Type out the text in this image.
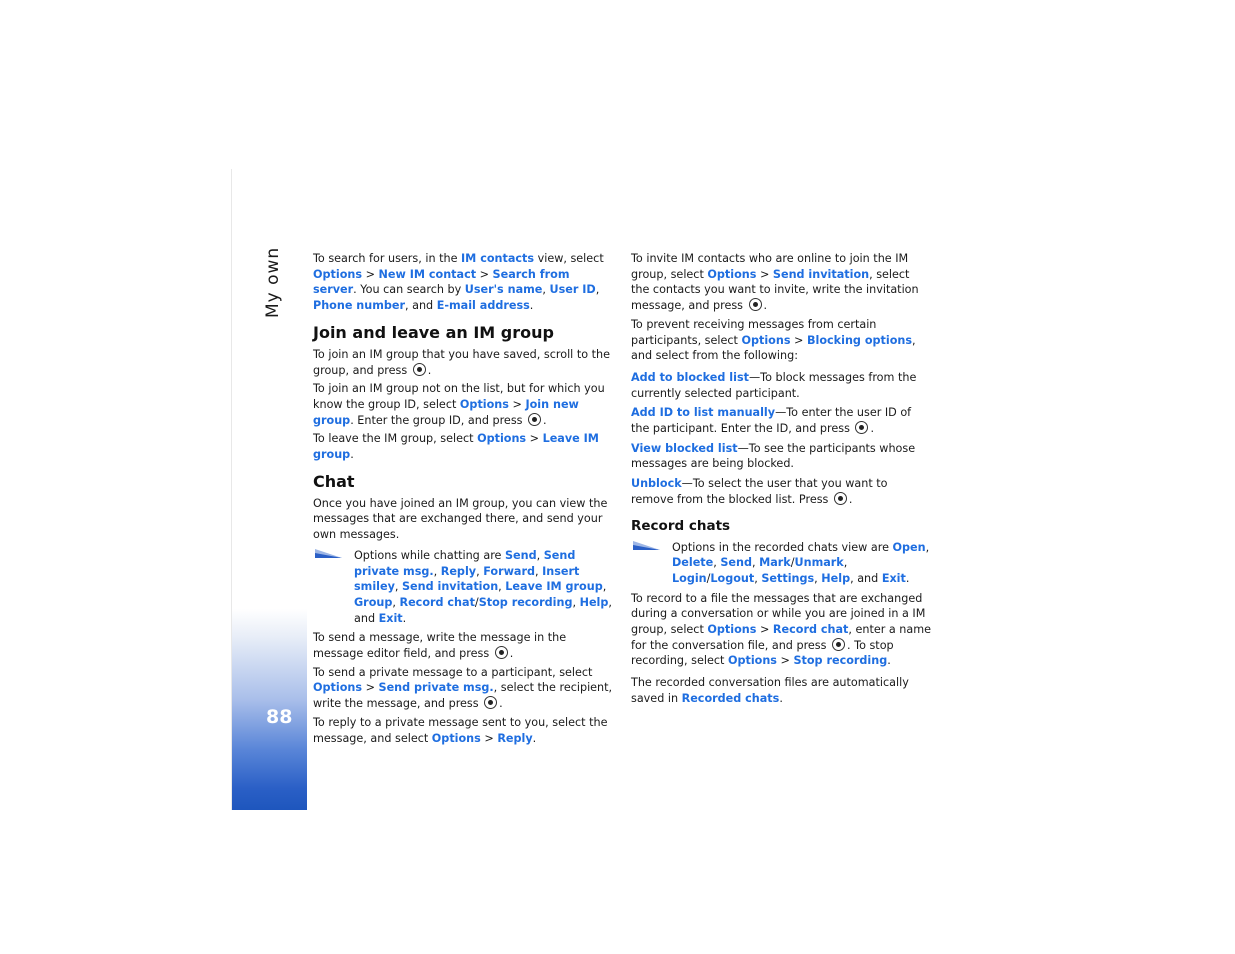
My own
88

To search for users, in the IM contacts view, select Options > New IM contact > Search from server. You can search by User's name, User ID, Phone number, and E-mail address.

Join and leave an IM group

To join an IM group that you have saved, scroll to the group, and press .

To join an IM group not on the list, but for which you know the group ID, select Options > Join new group. Enter the group ID, and press .

To leave the IM group, select Options > Leave IM group.

Chat

Once you have joined an IM group, you can view the messages that are exchanged there, and send your own messages.

Options while chatting are Send, Send private msg., Reply, Forward, Insert smiley, Send invitation, Leave IM group, Group, Record chat/Stop recording, Help, and Exit.

To send a message, write the message in the message editor field, and press .

To send a private message to a participant, select Options > Send private msg., select the recipient, write the message, and press .

To reply to a private message sent to you, select the message, and select Options > Reply.

To invite IM contacts who are online to join the IM group, select Options > Send invitation, select the contacts you want to invite, write the invitation message, and press .

To prevent receiving messages from certain participants, select Options > Blocking options, and select from the following:

Add to blocked list—To block messages from the currently selected participant.

Add ID to list manually—To enter the user ID of the participant. Enter the ID, and press .

View blocked list—To see the participants whose messages are being blocked.

Unblock—To select the user that you want to remove from the blocked list. Press .

Record chats
Options in the recorded chats view are Open, Delete, Send, Mark/Unmark, Login/Logout, Settings, Help, and Exit.

To record to a file the messages that are exchanged during a conversation or while you are joined in a IM group, select Options > Record chat, enter a name for the conversation file, and press . To stop recording, select Options > Stop recording.

The recorded conversation files are automatically saved in Recorded chats.
